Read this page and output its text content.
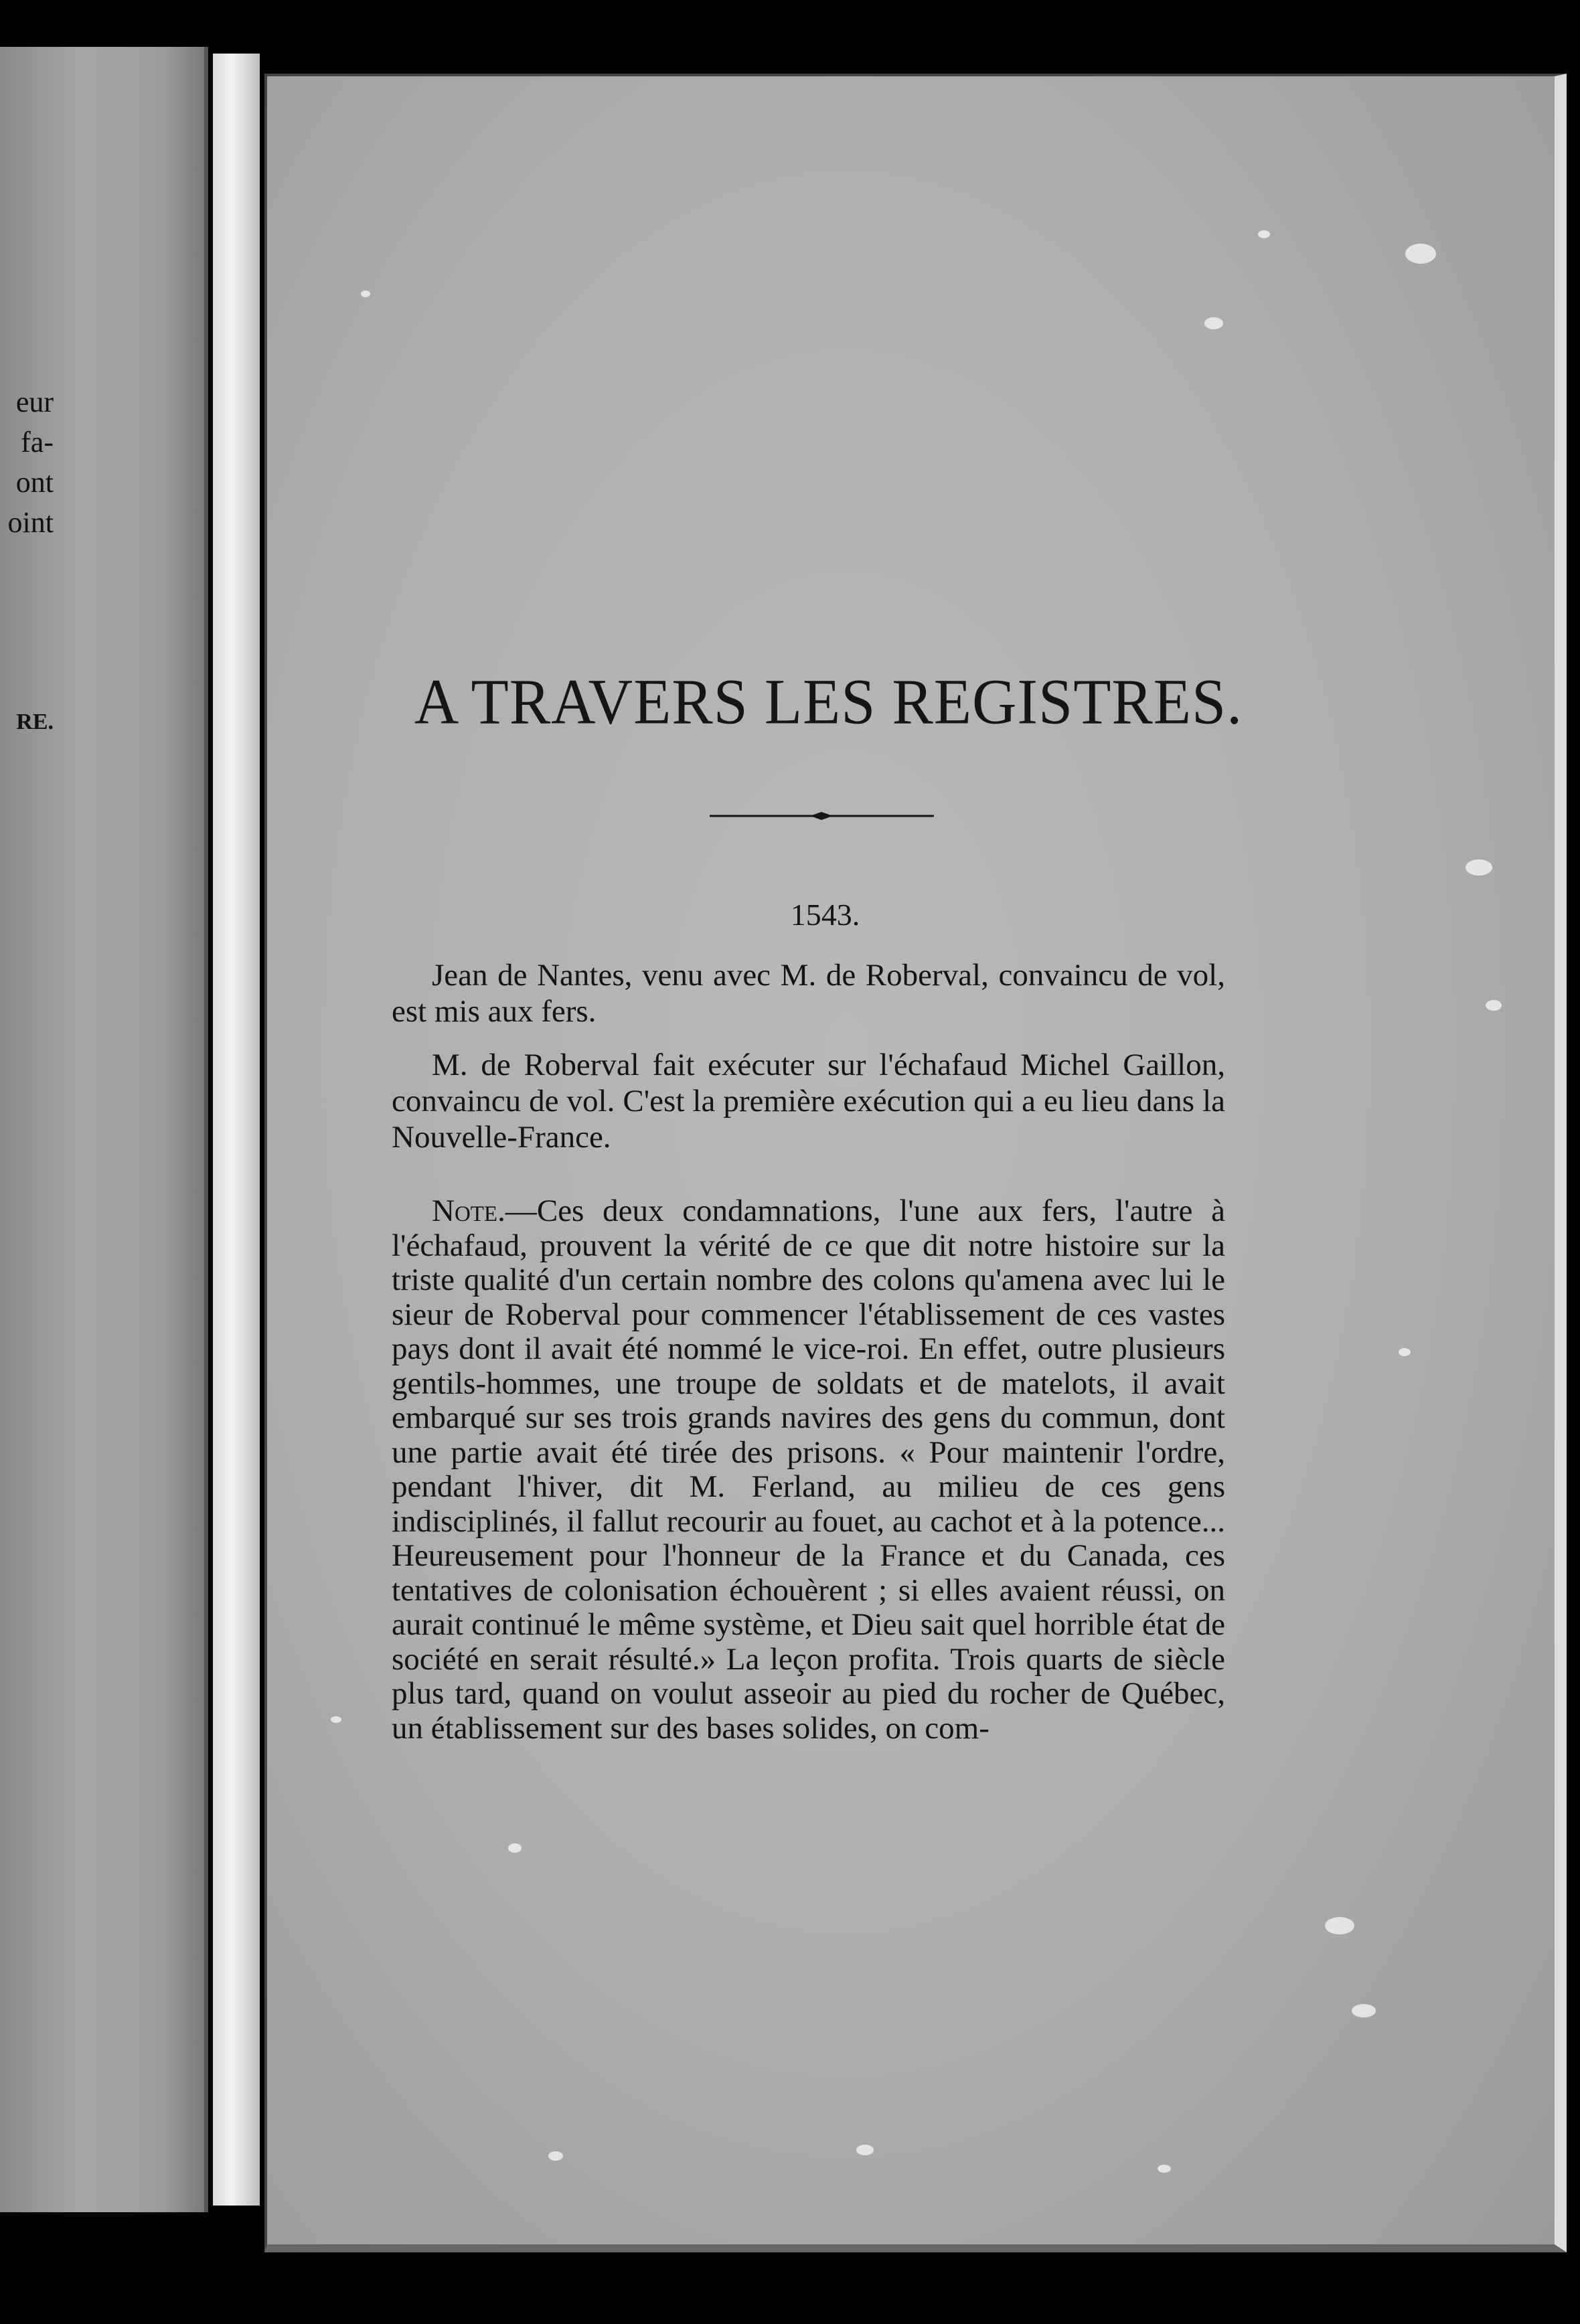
eur
fa-
ont
oint
RE.	A TRAVERS LES REGISTRES.
1543.

Jean de Nantes, venu avec M. de Roberval, convaincu de vol, est mis aux fers.

M. de Roberval fait exécuter sur l'échafaud Michel Gaillon, convaincu de vol. C'est la première exécution qui a eu lieu dans la Nouvelle-France.

Note.—Ces deux condamnations, l'une aux fers, l'autre à l'échafaud, prouvent la vérité de ce que dit notre histoire sur la triste qualité d'un certain nombre des colons qu'amena avec lui le sieur de Roberval pour commencer l'établissement de ces vastes pays dont il avait été nommé le vice-roi. En effet, outre plusieurs gentils-hommes, une troupe de soldats et de matelots, il avait embarqué sur ses trois grands navires des gens du commun, dont une partie avait été tirée des prisons. « Pour maintenir l'ordre, pendant l'hiver, dit M. Ferland, au milieu de ces gens indisciplinés, il fallut recourir au fouet, au cachot et à la potence... Heureusement pour l'honneur de la France et du Canada, ces tentatives de colonisation échouèrent ; si elles avaient réussi, on aurait continué le même système, et Dieu sait quel horrible état de société en serait résulté.» La leçon profita. Trois quarts de siècle plus tard, quand on voulut asseoir au pied du rocher de Québec, un établissement sur des bases solides, on com-
